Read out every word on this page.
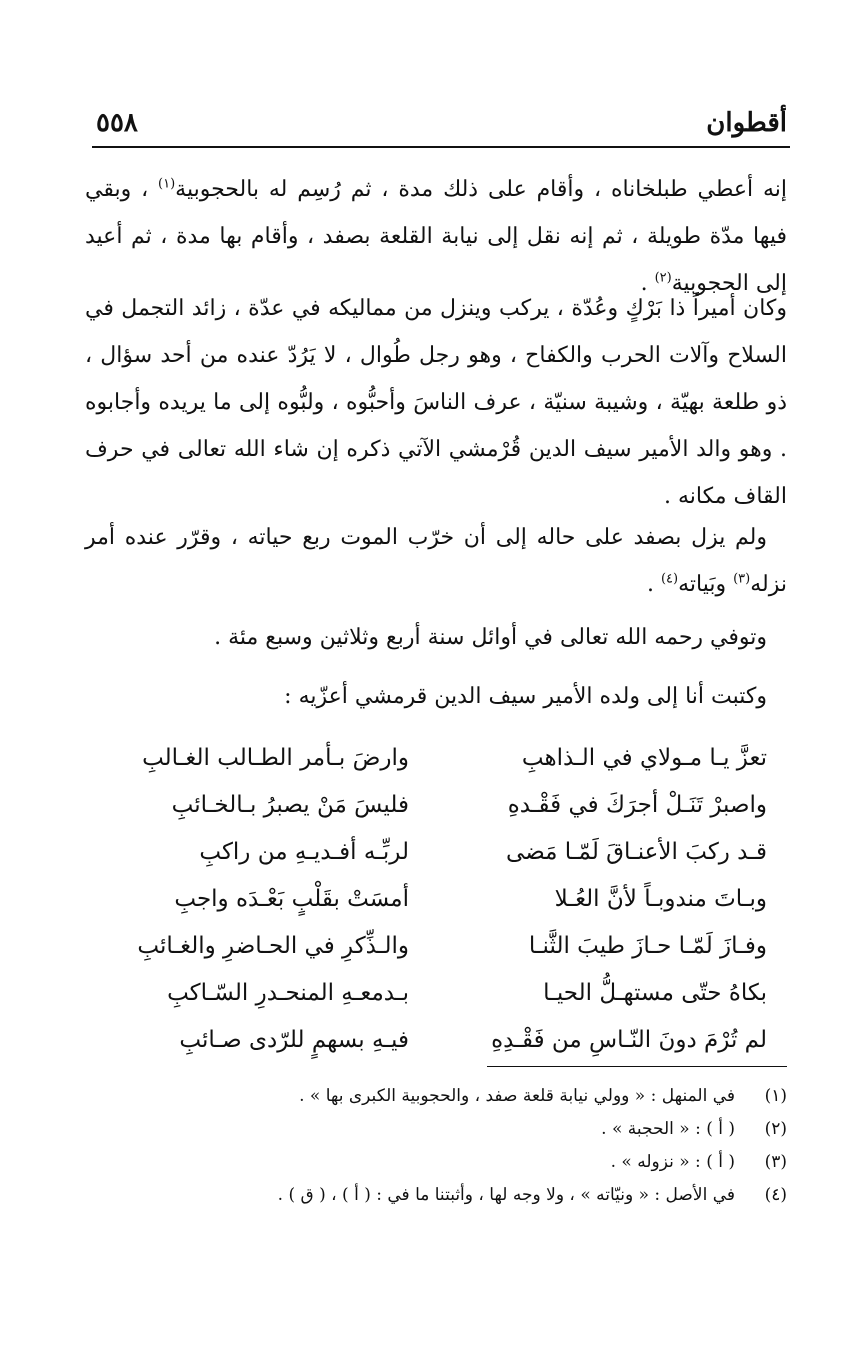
أقطوان
٥٥٨

إنه أعطي طبلخاناه ، وأقام على ذلك مدة ، ثم رُسِم له بالحجوبية$^{(١)}$ ، وبقي فيها مدّة طويلة ، ثم إنه نقل إلى نيابة القلعة بصفد ، وأقام بها مدة ، ثم أعيد إلى الحجوبية$^{(٢)}$ .

وكان أميراً ذا بَرْكٍ وعُدّة ، يركب وينزل من مماليكه في عدّة ، زائد التجمل في السلاح وآلات الحرب والكفاح ، وهو رجل طُوال ، لا يَرُدّ عنده من أحد سؤال ، ذو طلعة بهيّة ، وشيبة سنيّة ، عرف الناسَ وأحبُّوه ، ولبُّوه إلى ما يريده وأجابوه . وهو والد الأمير سيف الدين قُرْمشي الآتي ذكره إن شاء الله تعالى في حرف القاف مكانه .

ولم يزل بصفد على حاله إلى أن خرّب الموت ربع حياته ، وقرّر عنده أمر نزله$^{(٣)}$ وبَياته$^{(٤)}$ .

وتوفي رحمه الله تعالى في أوائل سنة أربع وثلاثين وسبع مئة .

وكتبت أنا إلى ولده الأمير سيف الدين قرمشي أعزّيه :

تعزَّ يـا مـولاي في الـذاهبِ
وارضَ بـأمر الطـالب الغـالبِ
واصبرْ تَنَـلْ أجرَكَ في فَقْـدهِ
فليسَ مَنْ يصبرُ بـالخـائبِ
قـد ركبَ الأعنـاقَ لَمّـا مَضى
لربِّـه أفـديـهِ من راكبِ
وبـاتَ مندوبـاً لأنَّ العُـلا
أمسَتْ بقَلْبٍ بَعْـدَه واجبِ
وفـازَ لَمّـا حـازَ طيبَ الثَّنـا
والـذِّكرِ في الحـاضرِ والغـائبِ
بكاهُ حتّى مستهـلُّ الحيـا
بـدمعـهِ المنحـدرِ السّـاكبِ
لم تُرْمَ دونَ النّـاسِ من فَقْـدِهِ
فيـهِ بسهمٍ للرّدى صـائبِ
(١)
في المنهل : « وولي نيابة قلعة صفد ، والحجوبية الكبرى بها » .
(٢)
( أ ) : « الحجبة » .
(٣)
( أ ) : « نزوله » .
(٤)
في الأصل : « ونيّاته » ، ولا وجه لها ، وأثبتنا ما في : ( أ ) ، ( ق ) .
